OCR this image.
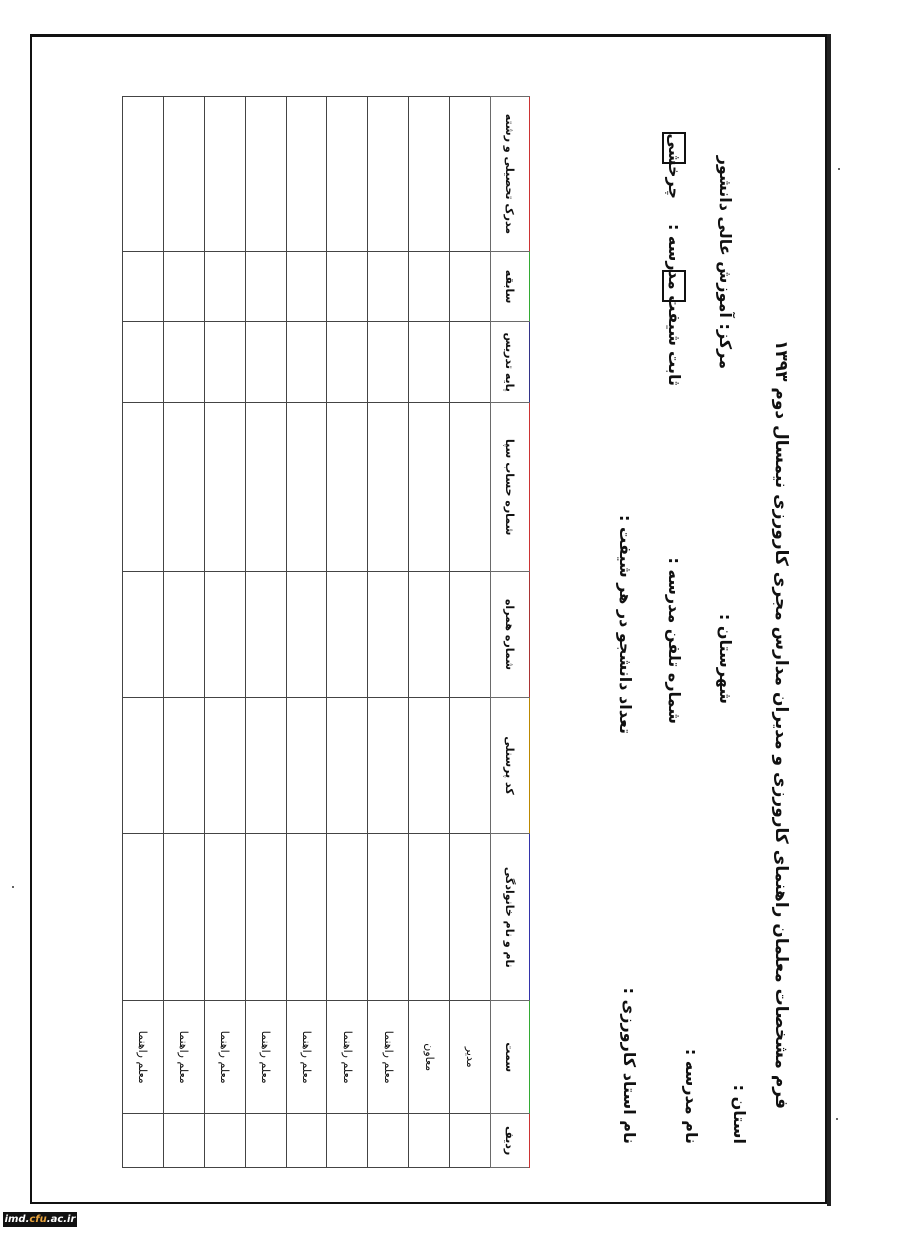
فرم مشخصات معلمان راهنمای کارورزی و مدیران مدارس مجری کارورزی نیمسال دوم ۱۳۹۳
استان :
شهرستان :
مرکز: آموزش عالی دانشور
نام مدرسه :
شماره تلفن مدرسه :
شیفت مدرسه :
ثابت
چرخشی
نام استاد کارورزی :
تعداد دانشجو در هر شیفت :
ردیف	سمت	نام و نام خانوادگی	کد پرسنلی	شماره همراه	شماره حساب سپا	پایه تدریس	سابقه	مدرک تحصیلی و رشته
	مدیر							
	معاون							
	معلم راهنما							
	معلم راهنما							
	معلم راهنما							
	معلم راهنما							
	معلم راهنما							
	معلم راهنما							
	معلم راهنما							
imd.cfu.ac.ir
